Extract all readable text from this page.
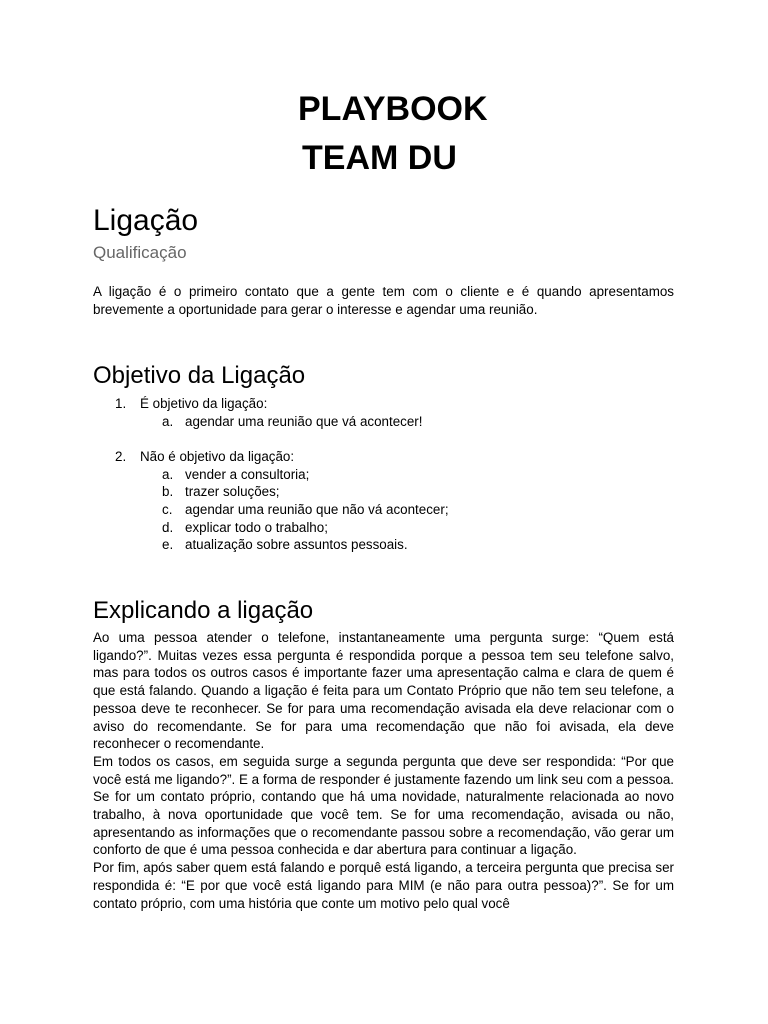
PLAYBOOK
TEAM DU
Ligação
Qualificação

A ligação é o primeiro contato que a gente tem com o cliente e é quando apresentamos brevemente a oportunidade para gerar o interesse e agendar uma reunião.

Objetivo da Ligação
1. É objetivo da ligação:
a. agendar uma reunião que vá acontecer!
2. Não é objetivo da ligação:
a. vender a consultoria;
b. trazer soluções;
c. agendar uma reunião que não vá acontecer;
d. explicar todo o trabalho;
e. atualização sobre assuntos pessoais.
Explicando a ligação

Ao uma pessoa atender o telefone, instantaneamente uma pergunta surge: “Quem está ligando?”. Muitas vezes essa pergunta é respondida porque a pessoa tem seu telefone salvo, mas para todos os outros casos é importante fazer uma apresentação calma e clara de quem é que está falando. Quando a ligação é feita para um Contato Próprio que não tem seu telefone, a pessoa deve te reconhecer. Se for para uma recomendação avisada ela deve relacionar com o aviso do recomendante. Se for para uma recomendação que não foi avisada, ela deve reconhecer o recomendante.

Em todos os casos, em seguida surge a segunda pergunta que deve ser respondida: “Por que você está me ligando?”. E a forma de responder é justamente fazendo um link seu com a pessoa. Se for um contato próprio, contando que há uma novidade, naturalmente relacionada ao novo trabalho, à nova oportunidade que você tem. Se for uma recomendação, avisada ou não, apresentando as informações que o recomendante passou sobre a recomendação, vão gerar um conforto de que é uma pessoa conhecida e dar abertura para continuar a ligação.

Por fim, após saber quem está falando e porquê está ligando, a terceira pergunta que precisa ser respondida é: “E por que você está ligando para MIM (e não para outra pessoa)?”. Se for um contato próprio, com uma história que conte um motivo pelo qual você
